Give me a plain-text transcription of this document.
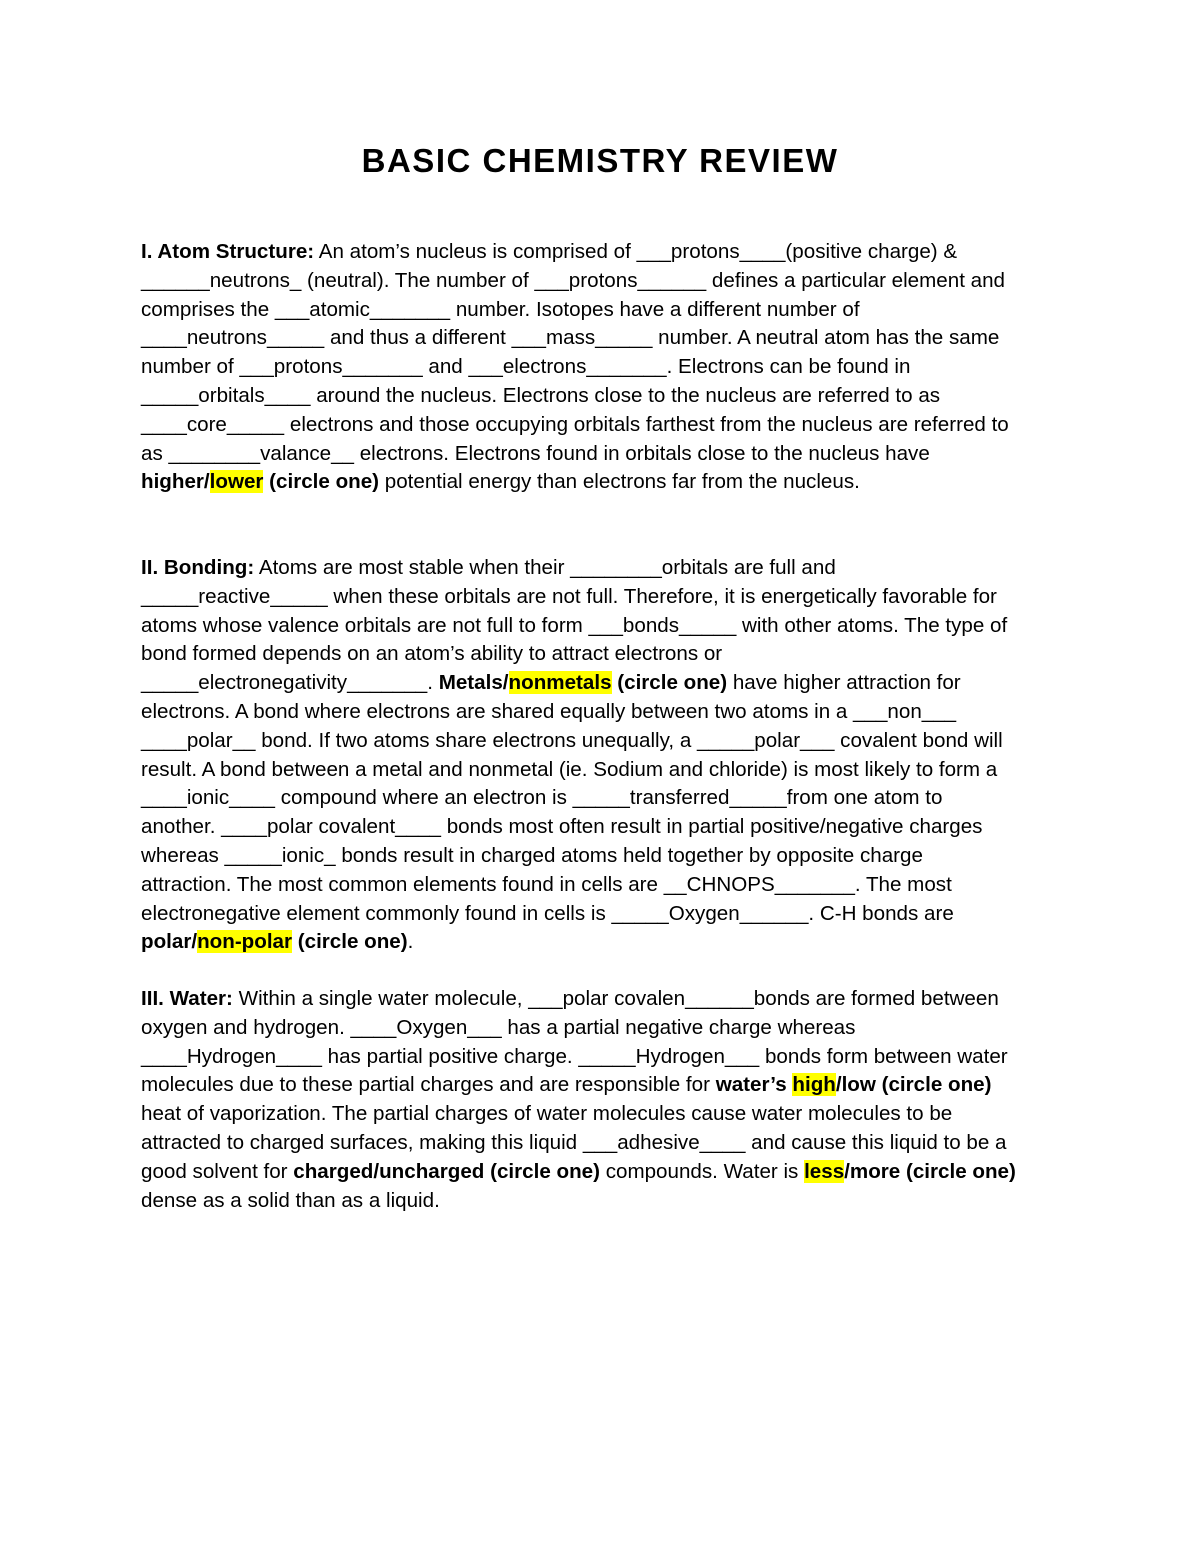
BASIC CHEMISTRY REVIEW
I. Atom Structure: An atom’s nucleus is comprised of ___protons____(positive charge) &
______neutrons_ (neutral). The number of ___protons______ defines a particular element and
comprises the ___atomic_______ number. Isotopes have a different number of
____neutrons_____ and thus a different ___mass_____ number. A neutral atom has the same
number of ___protons_______ and ___electrons_______. Electrons can be found in
_____orbitals____ around the nucleus. Electrons close to the nucleus are referred to as
____core_____ electrons and those occupying orbitals farthest from the nucleus are referred to
as ________valance__ electrons. Electrons found in orbitals close to the nucleus have
higher/lower (circle one) potential energy than electrons far from the nucleus.
II. Bonding: Atoms are most stable when their ________orbitals are full and
_____reactive_____ when these orbitals are not full. Therefore, it is energetically favorable for
atoms whose valence orbitals are not full to form ___bonds_____ with other atoms. The type of
bond formed depends on an atom’s ability to attract electrons or
_____electronegativity_______. Metals/nonmetals (circle one) have higher attraction for
electrons. A bond where electrons are shared equally between two atoms in a ___non___
____polar__ bond. If two atoms share electrons unequally, a _____polar___ covalent bond will
result. A bond between a metal and nonmetal (ie. Sodium and chloride) is most likely to form a
____ionic____ compound where an electron is _____transferred_____from one atom to
another. ____polar covalent____ bonds most often result in partial positive/negative charges
whereas _____ionic_ bonds result in charged atoms held together by opposite charge
attraction. The most common elements found in cells are __CHNOPS_______. The most
electronegative element commonly found in cells is _____Oxygen______. C-H bonds are
polar/non-polar (circle one).
III. Water: Within a single water molecule, ___polar covalen______bonds are formed between
oxygen and hydrogen. ____Oxygen___ has a partial negative charge whereas
____Hydrogen____ has partial positive charge. _____Hydrogen___ bonds form between water
molecules due to these partial charges and are responsible for water’s high/low (circle one)
heat of vaporization. The partial charges of water molecules cause water molecules to be
attracted to charged surfaces, making this liquid ___adhesive____ and cause this liquid to be a
good solvent for charged/uncharged (circle one) compounds. Water is less/more (circle one)
dense as a solid than as a liquid.
